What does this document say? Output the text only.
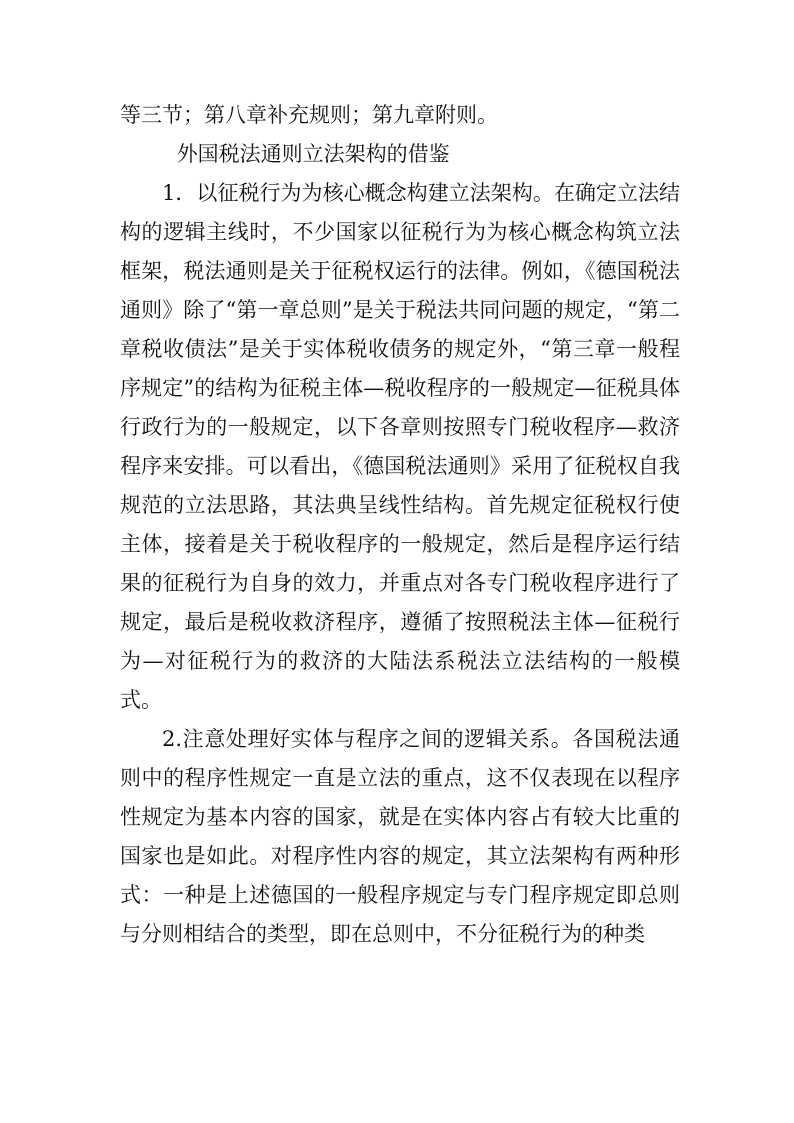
等三节；第八章补充规则；第九章附则。

外国税法通则立法架构的借鉴

1．以征税行为为核心概念构建立法架构。在确定立法结构的逻辑主线时，不少国家以征税行为为核心概念构筑立法框架，税法通则是关于征税权运行的法律。例如，《德国税法通则》除了“第一章总则”是关于税法共同问题的规定，“第二章税收债法”是关于实体税收债务的规定外，“第三章一般程序规定”的结构为征税主体—税收程序的一般规定—征税具体行政行为的一般规定，以下各章则按照专门税收程序—救济程序来安排。可以看出，《德国税法通则》采用了征税权自我规范的立法思路，其法典呈线性结构。首先规定征税权行使主体，接着是关于税收程序的一般规定，然后是程序运行结果的征税行为自身的效力，并重点对各专门税收程序进行了规定，最后是税收救济程序，遵循了按照税法主体—征税行为—对征税行为的救济的大陆法系税法立法结构的一般模式。

2.注意处理好实体与程序之间的逻辑关系。各国税法通则中的程序性规定一直是立法的重点，这不仅表现在以程序性规定为基本内容的国家，就是在实体内容占有较大比重的国家也是如此。对程序性内容的规定，其立法架构有两种形式：一种是上述德国的一般程序规定与专门程序规定即总则与分则相结合的类型，即在总则中，不分征税行为的种类
